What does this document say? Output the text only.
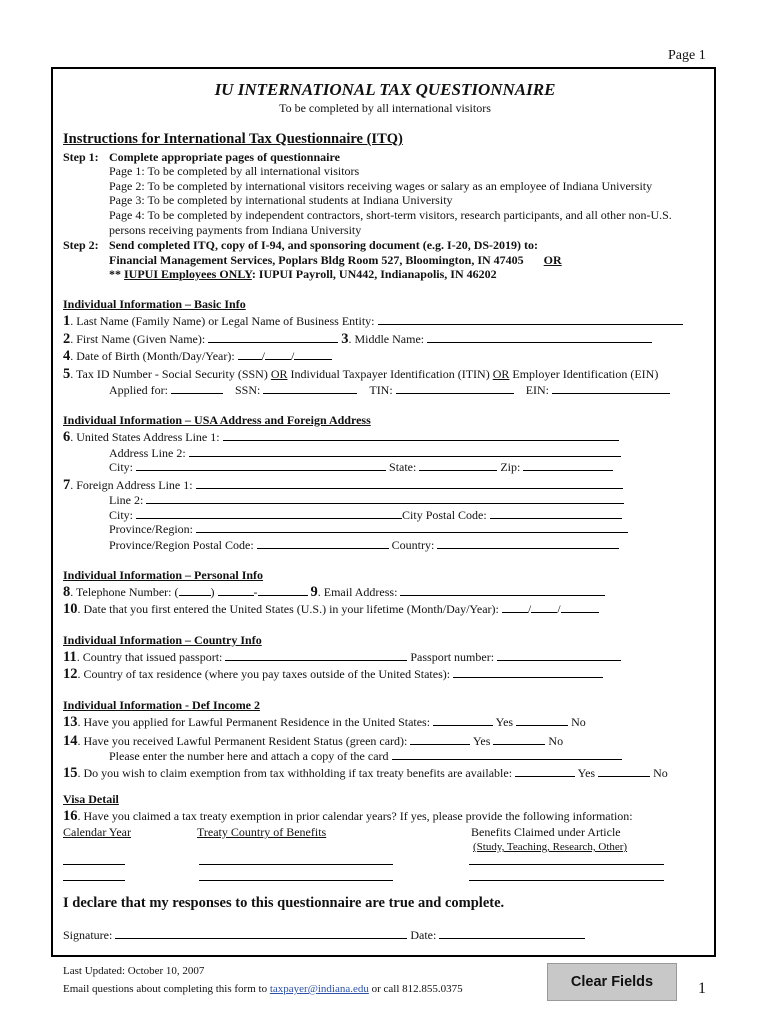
Page 1
IU INTERNATIONAL TAX QUESTIONNAIRE
To be completed by all international visitors
Instructions for International Tax Questionnaire (ITQ)
Step 1: Complete appropriate pages of questionnaire
Page 1: To be completed by all international visitors
Page 2: To be completed by international visitors receiving wages or salary as an employee of Indiana University
Page 3: To be completed by international students at Indiana University
Page 4: To be completed by independent contractors, short-term visitors, research participants, and all other non-U.S.
persons receiving payments from Indiana University
Step 2: Send completed ITQ, copy of I-94, and sponsoring document (e.g. I-20, DS-2019) to:
Financial Management Services, Poplars Bldg Room 527, Bloomington, IN 47405 OR
** IUPUI Employees ONLY: IUPUI Payroll, UN442, Indianapolis, IN 46202
Individual Information – Basic Info
1. Last Name (Family Name) or Legal Name of Business Entity:
2. First Name (Given Name):	3. Middle Name:
4. Date of Birth (Month/Day/Year): / /
5. Tax ID Number - Social Security (SSN) OR Individual Taxpayer Identification (ITIN) OR Employer Identification (EIN)
Applied for:	SSN:	TIN:	EIN:
Individual Information – USA Address and Foreign Address
6. United States Address Line 1:
Address Line 2:
City:	State:	Zip:
7. Foreign Address Line 1:
Line 2:
City:	City Postal Code:
Province/Region:
Province/Region Postal Code:	Country:
Individual Information – Personal Info
8. Telephone Number: (	)	-	9. Email Address:
10. Date that you first entered the United States (U.S.) in your lifetime (Month/Day/Year): / /
Individual Information – Country Info
11. Country that issued passport:	Passport number:
12. Country of tax residence (where you pay taxes outside of the United States):
Individual Information - Def Income 2
13. Have you applied for Lawful Permanent Residence in the United States:	Yes	No
14. Have you received Lawful Permanent Resident Status (green card):	Yes	No
Please enter the number here and attach a copy of the card
15. Do you wish to claim exemption from tax withholding if tax treaty benefits are available:	Yes	No
Visa Detail
16. Have you claimed a tax treaty exemption in prior calendar years? If yes, please provide the following information:
Calendar Year	Treaty Country of Benefits	Benefits Claimed under Article
(Study, Teaching, Research, Other)
I declare that my responses to this questionnaire are true and complete.
Signature:	Date:
Last Updated: October 10, 2007
Email questions about completing this form to taxpayer@indiana.edu or call 812.855.0375	Clear Fields	1
